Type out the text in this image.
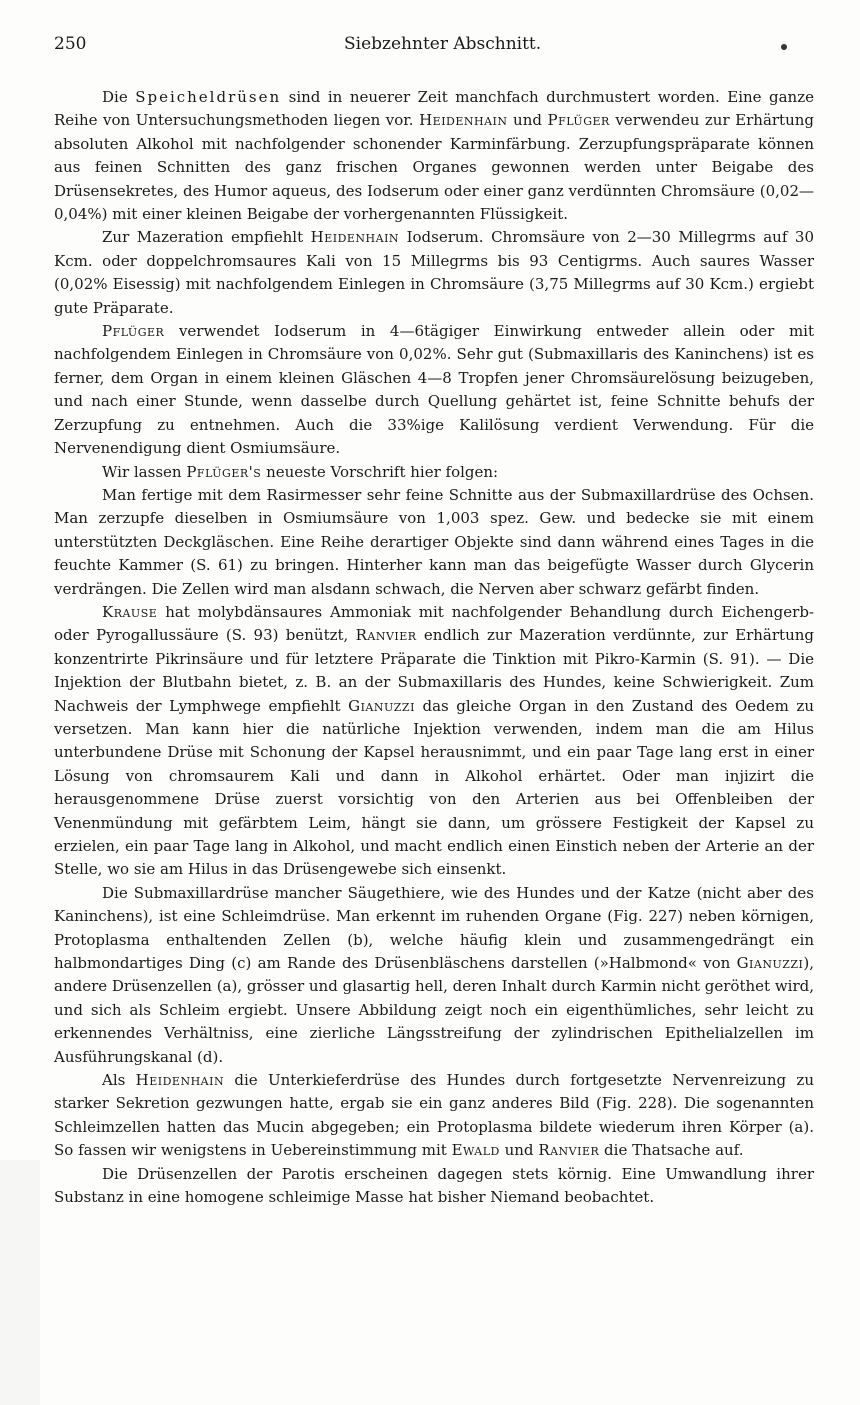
250	Siebzehnter Abschnitt.

Die Speicheldrüsen sind in neuerer Zeit manchfach durchmustert worden. Eine ganze Reihe von Untersuchungsmethoden liegen vor. Heidenhain und Pflüger verwendeu zur Erhärtung absoluten Alkohol mit nachfolgender schonender Karminfärbung. Zerzupfungspräparate können aus feinen Schnitten des ganz frischen Organes gewonnen werden unter Beigabe des Drüsensekretes, des Humor aqueus, des Iodserum oder einer ganz verdünnten Chromsäure (0,02—0,04%) mit einer kleinen Beigabe der vorhergenannten Flüssigkeit.

Zur Mazeration empfiehlt Heidenhain Iodserum. Chromsäure von 2—30 Millegrms auf 30 Kcm. oder doppelchromsaures Kali von 15 Millegrms bis 93 Centigrms. Auch saures Wasser (0,02% Eisessig) mit nachfolgendem Einlegen in Chromsäure (3,75 Millegrms auf 30 Kcm.) ergiebt gute Präparate.

Pflüger verwendet Iodserum in 4—6tägiger Einwirkung entweder allein oder mit nachfolgendem Einlegen in Chromsäure von 0,02%. Sehr gut (Submaxillaris des Kaninchens) ist es ferner, dem Organ in einem kleinen Gläschen 4—8 Tropfen jener Chromsäurelösung beizugeben, und nach einer Stunde, wenn dasselbe durch Quellung gehärtet ist, feine Schnitte behufs der Zerzupfung zu entnehmen. Auch die 33%ige Kalilösung verdient Verwendung. Für die Nervenendigung dient Osmiumsäure.

Wir lassen Pflüger's neueste Vorschrift hier folgen:

Man fertige mit dem Rasirmesser sehr feine Schnitte aus der Submaxillardrüse des Ochsen. Man zerzupfe dieselben in Osmiumsäure von 1,003 spez. Gew. und bedecke sie mit einem unterstützten Deckgläschen. Eine Reihe derartiger Objekte sind dann während eines Tages in die feuchte Kammer (S. 61) zu bringen. Hinterher kann man das beigefügte Wasser durch Glycerin verdrängen. Die Zellen wird man alsdann schwach, die Nerven aber schwarz gefärbt finden.

Krause hat molybdänsaures Ammoniak mit nachfolgender Behandlung durch Eichengerb- oder Pyrogallussäure (S. 93) benützt, Ranvier endlich zur Mazeration verdünnte, zur Erhärtung konzentrirte Pikrinsäure und für letztere Präparate die Tinktion mit Pikro-Karmin (S. 91). — Die Injektion der Blutbahn bietet, z. B. an der Submaxillaris des Hundes, keine Schwierigkeit. Zum Nachweis der Lymphwege empfiehlt Gianuzzi das gleiche Organ in den Zustand des Oedem zu versetzen. Man kann hier die natürliche Injektion verwenden, indem man die am Hilus unterbundene Drüse mit Schonung der Kapsel herausnimmt, und ein paar Tage lang erst in einer Lösung von chromsaurem Kali und dann in Alkohol erhärtet. Oder man injizirt die herausgenommene Drüse zuerst vorsichtig von den Arterien aus bei Offenbleiben der Venenmündung mit gefärbtem Leim, hängt sie dann, um grössere Festigkeit der Kapsel zu erzielen, ein paar Tage lang in Alkohol, und macht endlich einen Einstich neben der Arterie an der Stelle, wo sie am Hilus in das Drüsengewebe sich einsenkt.

Die Submaxillardrüse mancher Säugethiere, wie des Hundes und der Katze (nicht aber des Kaninchens), ist eine Schleimdrüse. Man erkennt im ruhenden Organe (Fig. 227) neben körnigen, Protoplasma enthaltenden Zellen (b), welche häufig klein und zusammengedrängt ein halbmondartiges Ding (c) am Rande des Drüsenbläschens darstellen (»Halbmond« von Gianuzzi), andere Drüsenzellen (a), grösser und glasartig hell, deren Inhalt durch Karmin nicht geröthet wird, und sich als Schleim ergiebt. Unsere Abbildung zeigt noch ein eigenthümliches, sehr leicht zu erkennendes Verhältniss, eine zierliche Längsstreifung der zylindrischen Epithelialzellen im Ausführungskanal (d).

Als Heidenhain die Unterkieferdrüse des Hundes durch fortgesetzte Nervenreizung zu starker Sekretion gezwungen hatte, ergab sie ein ganz anderes Bild (Fig. 228). Die sogenannten Schleimzellen hatten das Mucin abgegeben; ein Protoplasma bildete wiederum ihren Körper (a). So fassen wir wenigstens in Uebereinstimmung mit Ewald und Ranvier die Thatsache auf.

Die Drüsenzellen der Parotis erscheinen dagegen stets körnig. Eine Umwandlung ihrer Substanz in eine homogene schleimige Masse hat bisher Niemand beobachtet.
